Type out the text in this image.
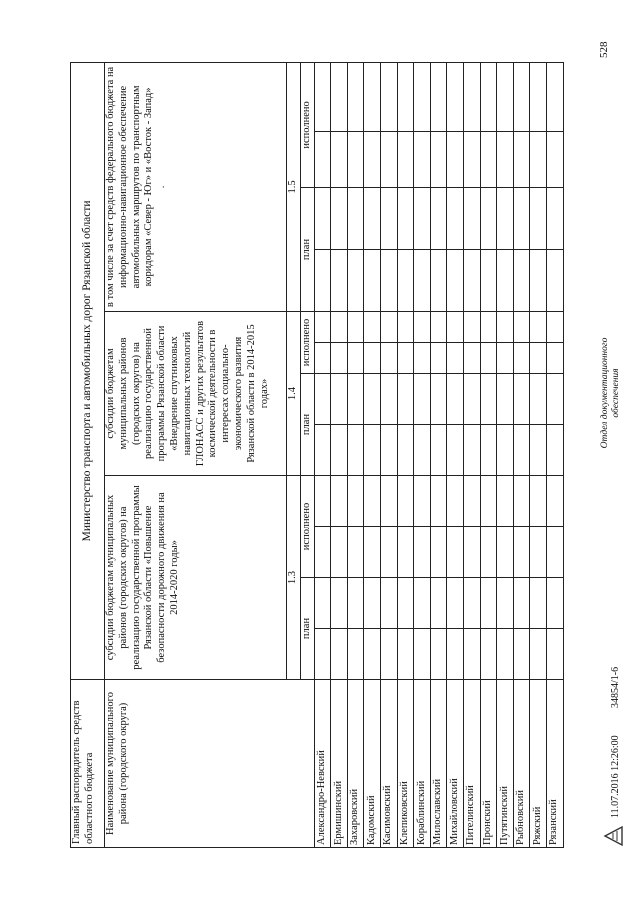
528
Главный распорядитель средств областного бюджета	Министерство транспорта и автомобильных дорог Рязанской области											
Наименование муниципального района (городского округа)	субсидии бюджетам муниципальных районов (городских округов) на реализацию государственной программы Рязанской области «Повышение безопасности дорожного движения на 2014-2020 годы»				субсидии бюджетам муниципальных районов (городских округов) на реализацию государственной программы Рязанской области «Внедрение спутниковых навигационных технологий ГЛОНАСС и других результатов космической деятельности в интересах социально-экономического развития Рязанской области в 2014-2015 годах»				в том числе за счет средств федерального бюджета на информационно-навигационное обеспечение автомобильных маршрутов по транспортным коридорам «Север - Юг» и «Восток - Запад» .			
	1.3				1.4				1.5			
	план		исполнено		план		исполнено		план		исполнено	
Александро-Невский												
Ермишинский												
Захаровский												
Кадомский												
Касимовский												
Клепиковский												
Кораблинский												
Милославский												
Михайловский												
Пителинский												
Пронский												
Путятинский												
Рыбновский												
Ряжский												
Рязанский												
11.07.2016 12:26:00
34854/1-6
Отдел документационного обеспечения
